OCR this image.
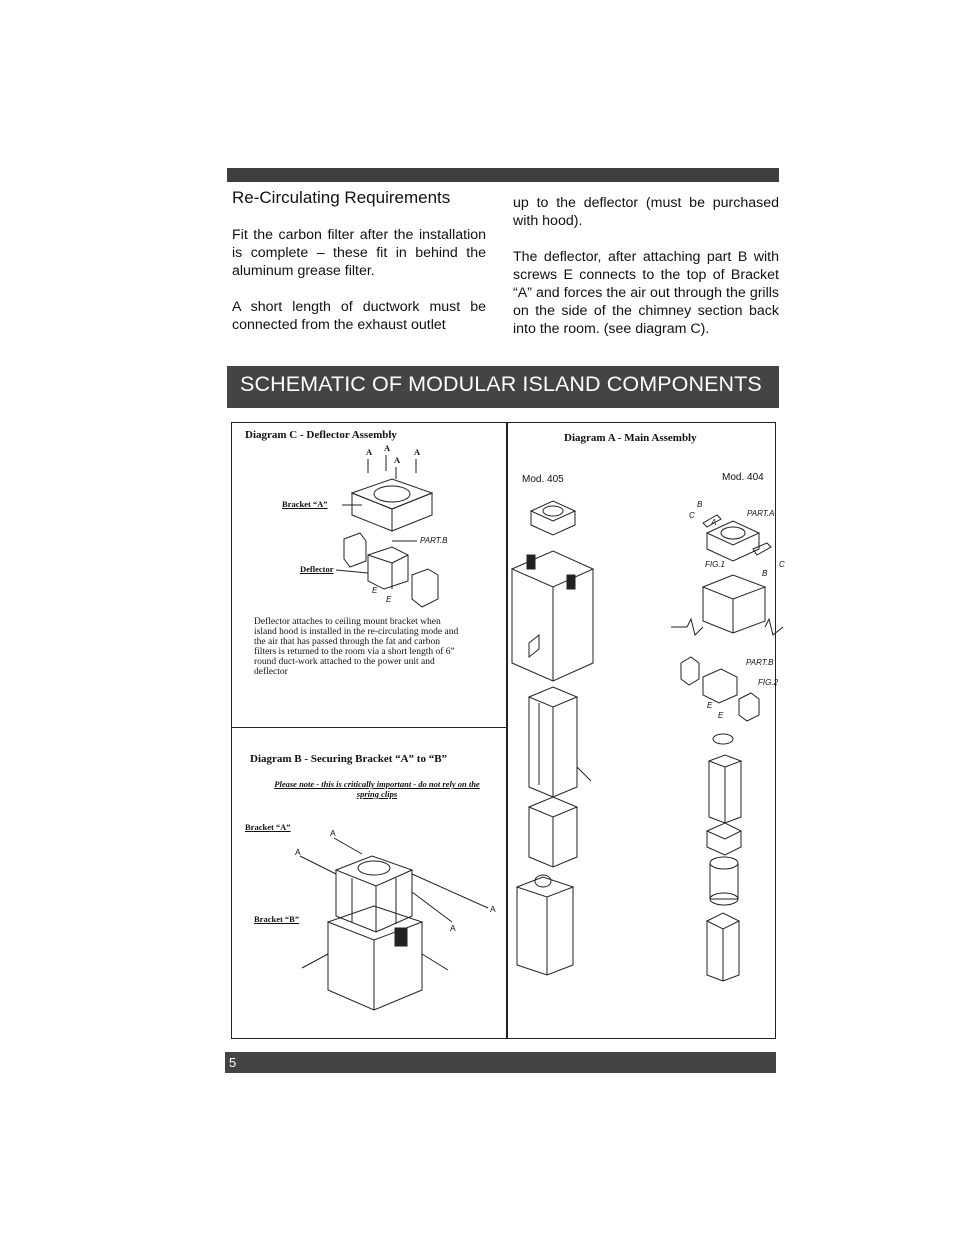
Re-Circulating Requirements
Fit the carbon filter after the installation is complete – these fit in behind the aluminum grease filter.
A short length of ductwork must be connected from the exhaust outlet
up to the deflector (must be purchased with hood).
The deflector, after attaching part B with screws E connects to the top of Bracket “A” and forces the air out through the grills on the side of the chimney section back into the room. (see diagram C).
SCHEMATIC OF MODULAR ISLAND COMPONENTS
Diagram C - Deflector Assembly
A A
A
A
Bracket “A”
PART.B
Deflector
E
E
Deflector attaches to ceiling mount bracket when island hood is installed in the re-circulating mode and the air that has passed through the fat and carbon filters is returned to the room via a short length of 6” round duct-work attached to the power unit and deflector
Diagram B - Securing Bracket “A” to “B”
Please note - this is critically important - do not rely on the spring clips
Bracket “A”
Bracket “B”
A
A
A
A
Diagram A - Main Assembly
Mod. 405	Mod. 404
B
C	PART.A
A
FIG.1
B
C
PART.B
FIG.2
E
E
5
